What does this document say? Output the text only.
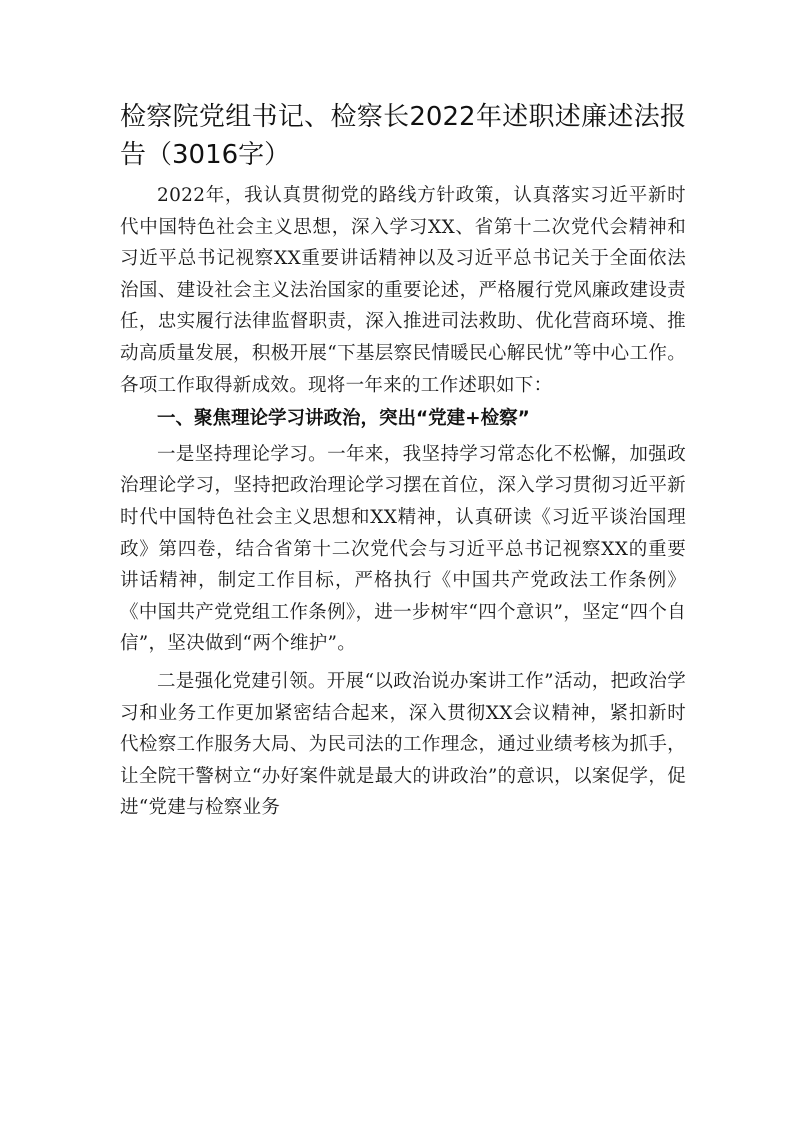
检察院党组书记、检察长2022年述职述廉述法报告（3016字）

2022年，我认真贯彻党的路线方针政策，认真落实习近平新时代中国特色社会主义思想，深入学习XX、省第十二次党代会精神和习近平总书记视察XX重要讲话精神以及习近平总书记关于全面依法治国、建设社会主义法治国家的重要论述，严格履行党风廉政建设责任，忠实履行法律监督职责，深入推进司法救助、优化营商环境、推动高质量发展，积极开展“下基层察民情暖民心解民忧”等中心工作。各项工作取得新成效。现将一年来的工作述职如下：

一、聚焦理论学习讲政治，突出“党建+检察”

一是坚持理论学习。一年来，我坚持学习常态化不松懈，加强政治理论学习，坚持把政治理论学习摆在首位，深入学习贯彻习近平新时代中国特色社会主义思想和XX精神，认真研读《习近平谈治国理政》第四卷，结合省第十二次党代会与习近平总书记视察XX的重要讲话精神，制定工作目标，严格执行《中国共产党政法工作条例》《中国共产党党组工作条例》，进一步树牢“四个意识”，坚定“四个自信”，坚决做到“两个维护”。

二是强化党建引领。开展“以政治说办案讲工作”活动，把政治学习和业务工作更加紧密结合起来，深入贯彻XX会议精神，紧扣新时代检察工作服务大局、为民司法的工作理念，通过业绩考核为抓手，让全院干警树立“办好案件就是最大的讲政治”的意识，以案促学，促进“党建与检察业务
